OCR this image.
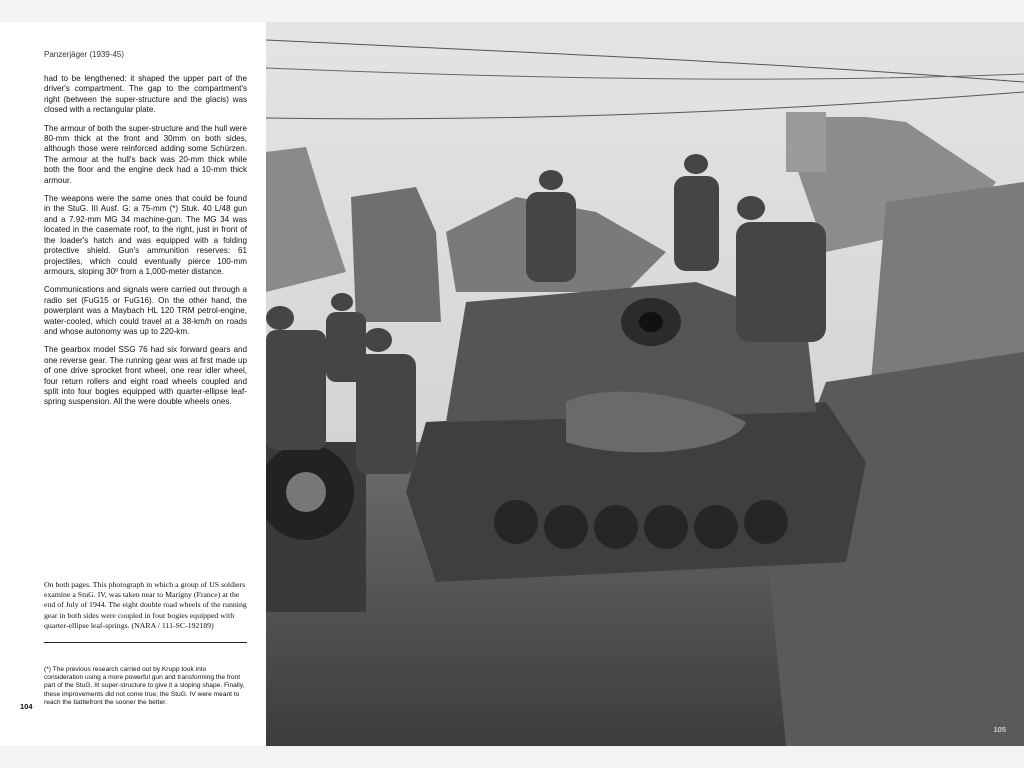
Panzerjäger (1939-45)

had to be lengthened: it shaped the upper part of the driver's compartment. The gap to the compartment's right (between the super-structure and the glacis) was closed with a rectangular plate.

The armour of both the super-structure and the hull were 80-mm thick at the front and 30mm on both sides, although those were reinforced adding some Schürzen. The armour at the hull's back was 20-mm thick while both the floor and the engine deck had a 10-mm thick armour.

The weapons were the same ones that could be found in the StuG. III Ausf. G: a 75-mm (*) Stuk. 40 L/48 gun and a 7.92-mm MG 34 machine-gun. The MG 34 was located in the casemate roof, to the right, just in front of the loader's hatch and was equipped with a folding protective shield. Gun's ammunition reserves: 61 projectiles, which could eventually pierce 100-mm armours, sloping 30º from a 1,000-meter distance.

Communications and signals were carried out through a radio set (FuG15 or FuG16). On the other hand, the powerplant was a Maybach HL 120 TRM petrol-engine, water-cooled, which could travel at a 38-km/h on roads and whose autonomy was up to 220-km.

The gearbox model SSG 76 had six forward gears and one reverse gear. The running gear was at first made up of one drive sprocket front wheel, one rear idler wheel, four return rollers and eight road wheels coupled and split into four bogies equipped with quarter-ellipse leaf-spring suspension. All the were double wheels ones.

On both pages. This photograph in which a group of US soldiers examine a StuG. IV, was taken near to Marigny (France) at the end of July of 1944. The eight double road wheels of the running gear in both sides were coupled in four bogies equipped with quarter-ellipse leaf-springs. (NARA / 111-SC-192189)
(*) The previous research carried out by Krupp took into consideration using a more powerful gun and transforming the front part of the StuG. III super-structure to give it a sloping shape. Finally, these improvements did not come true; the StuG. IV were meant to reach the battlefront the sooner the better.
104
105
